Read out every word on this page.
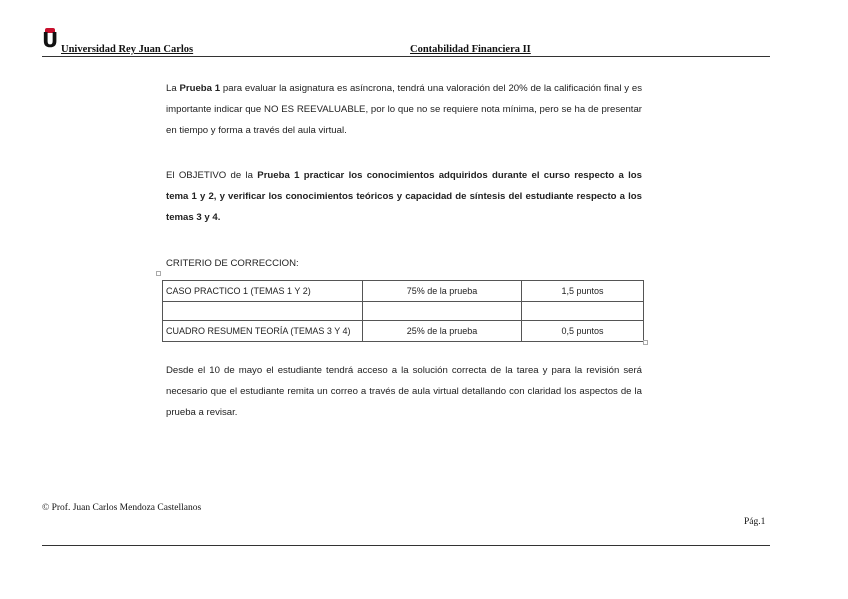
U Universidad Rey Juan Carlos	Contabilidad Financiera II
La Prueba 1 para evaluar la asignatura es asíncrona, tendrá una valoración del 20% de la calificación final y es importante indicar que NO ES REEVALUABLE, por lo que no se requiere nota mínima, pero se ha de presentar en tiempo y forma a través del aula virtual.
El OBJETIVO de la Prueba 1 practicar los conocimientos adquiridos durante el curso respecto a los tema 1 y 2, y verificar los conocimientos teóricos y capacidad de síntesis del estudiante respecto a los temas 3 y 4.
CRITERIO DE CORRECCION:
CASO PRACTICO 1 (TEMAS 1 Y 2)	75% de la prueba	1,5 puntos

CUADRO RESUMEN TEORÍA (TEMAS 3 Y 4)	25% de la prueba	0,5 puntos
Desde el 10 de mayo el estudiante tendrá acceso a la solución correcta de la tarea y para la revisión será necesario que el estudiante remita un correo a través de aula virtual detallando con claridad los aspectos de la prueba a revisar.
© Prof. Juan Carlos Mendoza Castellanos
Pág.1
